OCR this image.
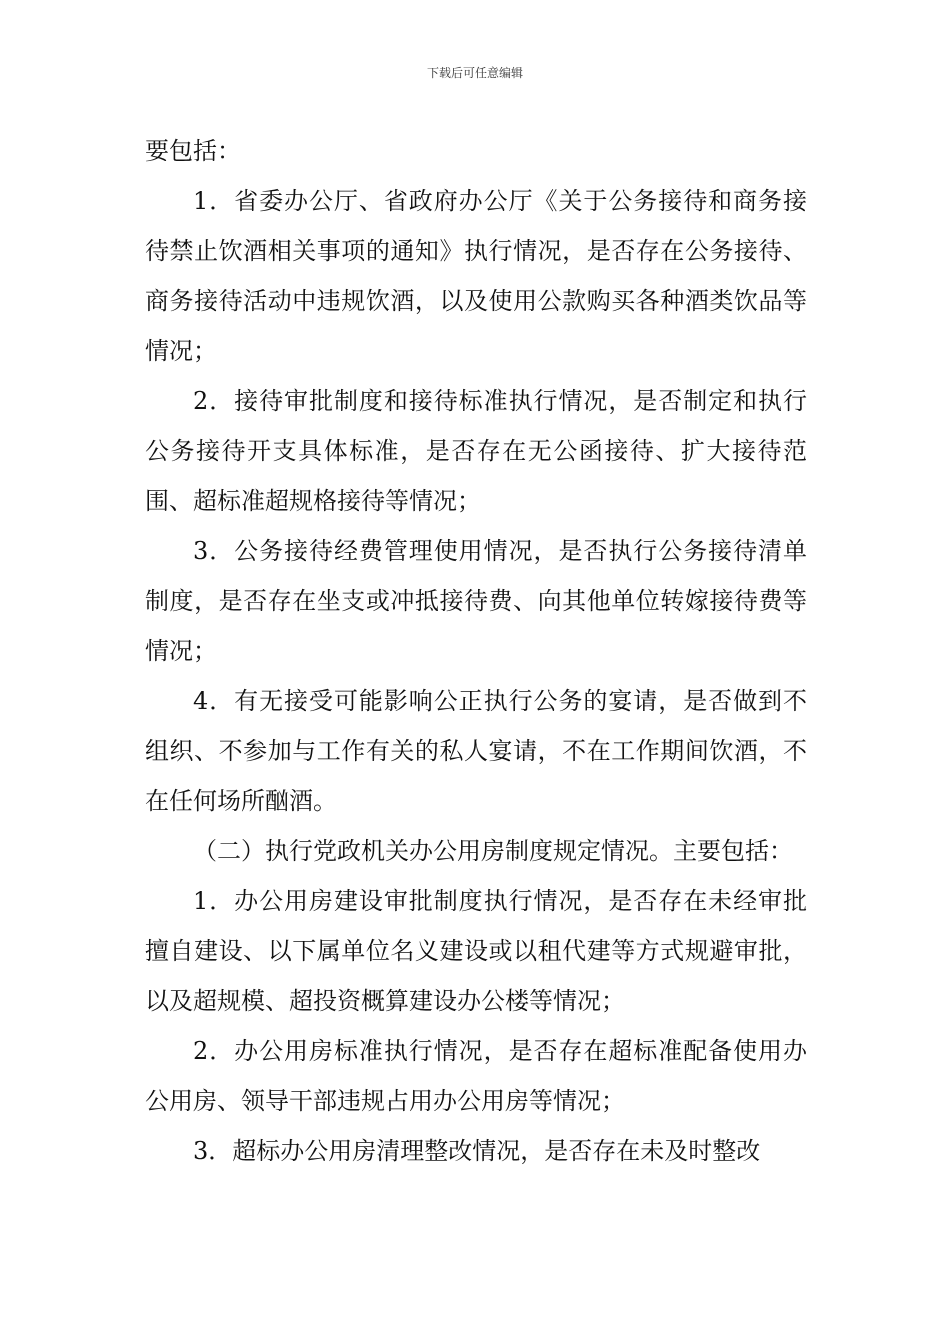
下载后可任意编辑

要包括：

1．省委办公厅、省政府办公厅《关于公务接待和商务接待禁止饮酒相关事项的通知》执行情况，是否存在公务接待、商务接待活动中违规饮酒，以及使用公款购买各种酒类饮品等情况；

2．接待审批制度和接待标准执行情况，是否制定和执行公务接待开支具体标准，是否存在无公函接待、扩大接待范围、超标准超规格接待等情况；

3．公务接待经费管理使用情况，是否执行公务接待清单制度，是否存在坐支或冲抵接待费、向其他单位转嫁接待费等情况；

4．有无接受可能影响公正执行公务的宴请，是否做到不组织、不参加与工作有关的私人宴请，不在工作期间饮酒，不在任何场所酗酒。

（二）执行党政机关办公用房制度规定情况。主要包括：

1．办公用房建设审批制度执行情况，是否存在未经审批擅自建设、以下属单位名义建设或以租代建等方式规避审批，以及超规模、超投资概算建设办公楼等情况；

2．办公用房标准执行情况，是否存在超标准配备使用办公用房、领导干部违规占用办公用房等情况；

3．超标办公用房清理整改情况，是否存在未及时整改
